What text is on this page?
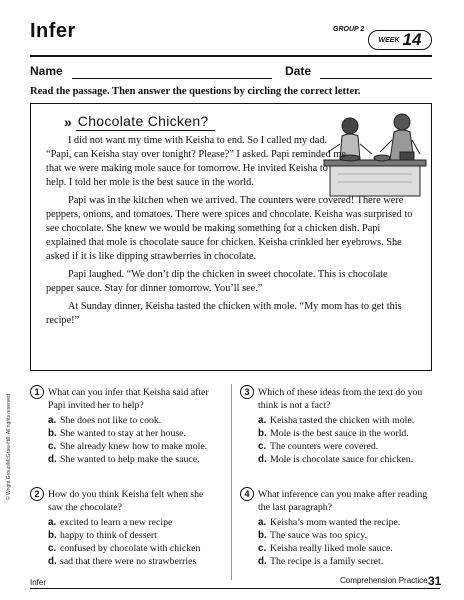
Infer	GROUP 2
WEEK 14
Name	Date
Read the passage. Then answer the questions by circling the correct letter.
» Chocolate Chicken?

I did not want my time with Keisha to end. So I called my dad. “Papi, can Keisha stay over tonight? Please?” I asked. Papi reminded me that we were making mole sauce for tomorrow. He invited Keisha to help. I told her mole is the best sauce in the world.

Papi was in the kitchen when we arrived. The counters were covered! There were peppers, onions, and tomatoes. There were spices and chocolate. Keisha was surprised to see chocolate. She knew we would be making something for a chicken dish. Papi explained that mole is chocolate sauce for chicken. Keisha crinkled her eyebrows. She asked if it is like dipping strawberries in chocolate.

Papi laughed. “We don’t dip the chicken in sweet chocolate. This is chocolate pepper sauce. Stay for dinner tomorrow. You’ll see.”

At Sunday dinner, Keisha tasted the chicken with mole. “My mom has to get this recipe!”

1 What can you infer that Keisha said after Papi invited her to help?
a. She does not like to cook.
b. She wanted to stay at her house.
c. She already knew how to make mole.
d. She wanted to help make the sauce.
2 How do you think Keisha felt when she saw the chocolate?
a. excited to learn a new recipe
b. happy to think of dessert
c. confused by chocolate with chicken
d. sad that there were no strawberries
3 Which of these ideas from the text do you think is not a fact?
a. Keisha tasted the chicken with mole.
b. Mole is the best sauce in the world.
c. The counters were covered.
d. Mole is chocolate sauce for chicken.
4 What inference can you make after reading the last paragraph?
a. Keisha’s mom wanted the recipe.
b. The sauce was too spicy.
c. Keisha really liked mole sauce.
d. The recipe is a family secret.
© Wright Group/McGraw-Hill. All rights reserved.
Infer	Comprehension Practice 31
